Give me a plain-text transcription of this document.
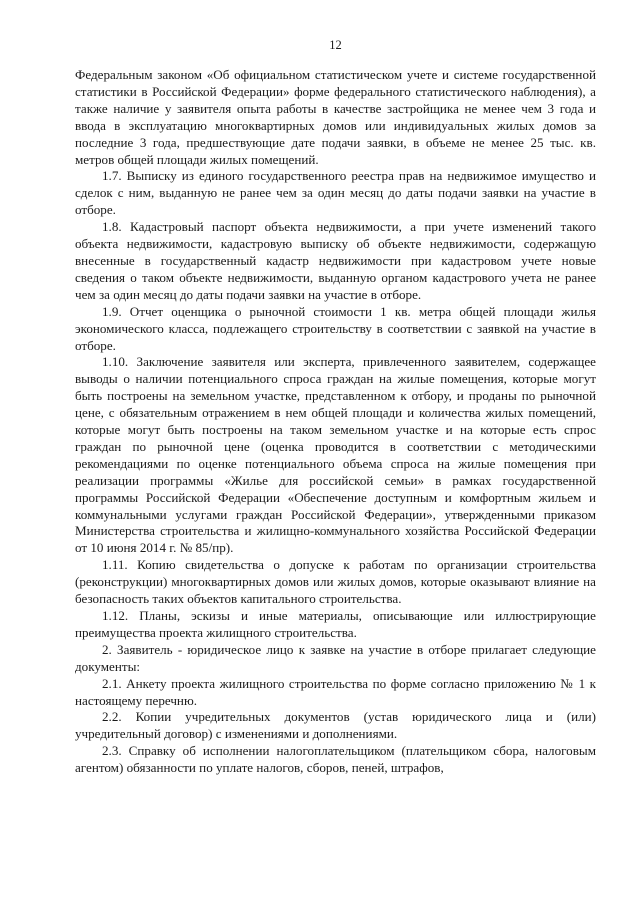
12

Федеральным законом «Об официальном статистическом учете и системе государственной статистики в Российской Федерации» форме федерального статистического наблюдения), а также наличие у заявителя опыта работы в качестве застройщика не менее чем 3 года и ввода в эксплуатацию многоквартирных домов или индивидуальных жилых домов за последние 3 года, предшествующие дате подачи заявки, в объеме не менее 25 тыс. кв. метров общей площади жилых помещений.

1.7. Выписку из единого государственного реестра прав на недвижимое имущество и сделок с ним, выданную не ранее чем за один месяц до даты подачи заявки на участие в отборе.

1.8. Кадастровый паспорт объекта недвижимости, а при учете изменений такого объекта недвижимости, кадастровую выписку об объекте недвижимости, содержащую внесенные в государственный кадастр недвижимости при кадастровом учете новые сведения о таком объекте недвижимости, выданную органом кадастрового учета не ранее чем за один месяц до даты подачи заявки на участие в отборе.

1.9. Отчет оценщика о рыночной стоимости 1 кв. метра общей площади жилья экономического класса, подлежащего строительству в соответствии с заявкой на участие в отборе.

1.10. Заключение заявителя или эксперта, привлеченного заявителем, содержащее выводы о наличии потенциального спроса граждан на жилые помещения, которые могут быть построены на земельном участке, представленном к отбору, и проданы по рыночной цене, с обязательным отражением в нем общей площади и количества жилых помещений, которые могут быть построены на таком земельном участке и на которые есть спрос граждан по рыночной цене (оценка проводится в соответствии с методическими рекомендациями по оценке потенциального объема спроса на жилые помещения при реализации программы «Жилье для российской семьи» в рамках государственной программы Российской Федерации «Обеспечение доступным и комфортным жильем и коммунальными услугами граждан Российской Федерации», утвержденными приказом Министерства строительства и жилищно-коммунального хозяйства Российской Федерации от 10 июня 2014 г. № 85/пр).

1.11. Копию свидетельства о допуске к работам по организации строительства (реконструкции) многоквартирных домов или жилых домов, которые оказывают влияние на безопасность таких объектов капитального строительства.

1.12. Планы, эскизы и иные материалы, описывающие или иллюстрирующие преимущества проекта жилищного строительства.

2. Заявитель - юридическое лицо к заявке на участие в отборе прилагает следующие документы:

2.1. Анкету проекта жилищного строительства по форме согласно приложению № 1 к настоящему перечню.

2.2. Копии учредительных документов (устав юридического лица и (или) учредительный договор) с изменениями и дополнениями.

2.3. Справку об исполнении налогоплательщиком (плательщиком сбора, налоговым агентом) обязанности по уплате налогов, сборов, пеней, штрафов,
